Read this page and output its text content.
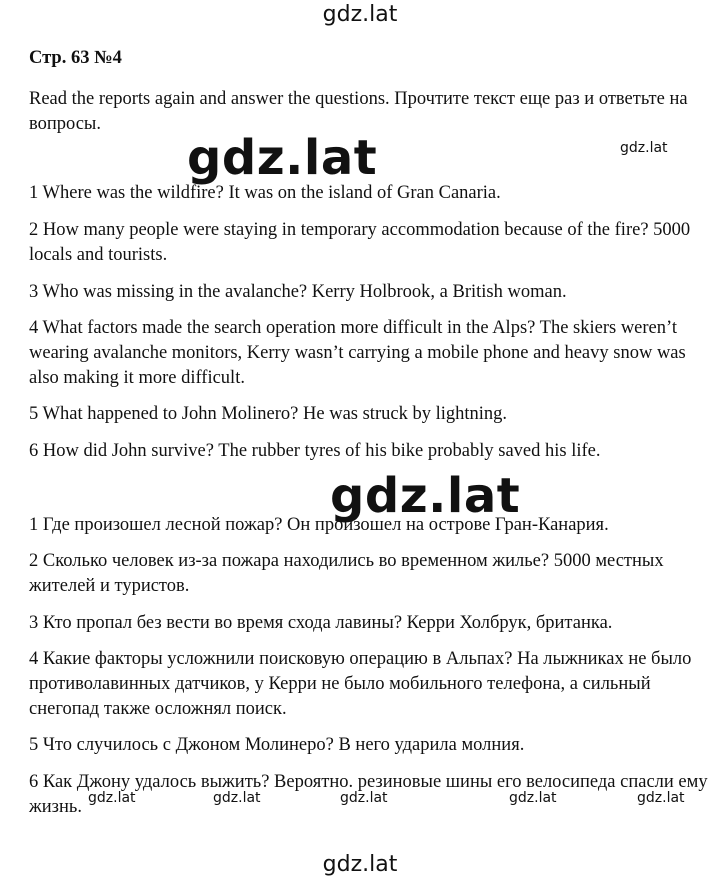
gdz.lat
Стр. 63 №4

Read the reports again and answer the questions. Прочтите текст еще раз и ответьте на вопросы.

gdz.lat	gdz.lat

1 Where was the wildfire? It was on the island of Gran Canaria.

2 How many people were staying in temporary accommodation because of the fire? 5000 locals and tourists.

3 Who was missing in the avalanche? Kerry Holbrook, a British woman.

4 What factors made the search operation more difficult in the Alps? The skiers weren’t wearing avalanche monitors, Kerry wasn’t carrying a mobile phone and heavy snow was also making it more difficult.

5 What happened to John Molinero? He was struck by lightning.

6 How did John survive? The rubber tyres of his bike probably saved his life.

gdz.lat

1 Где произошел лесной пожар? Он произошел на острове Гран-Канария.

2 Сколько человек из-за пожара находились во временном жилье? 5000 местных жителей и туристов.

3 Кто пропал без вести во время схода лавины? Керри Холбрук, британка.

4 Какие факторы усложнили поисковую операцию в Альпах? На лыжниках не было противолавинных датчиков, у Керри не было мобильного телефона, а сильный снегопад также осложнял поиск.

5 Что случилось с Джоном Молинеро? В него ударила молния.

6 Как Джону удалось выжить? Вероятно. резиновые шины его велосипеда спасли ему жизнь. gdz.lat	gdz.lat	gdz.lat	gdz.lat	gdz.lat
gdz.lat
